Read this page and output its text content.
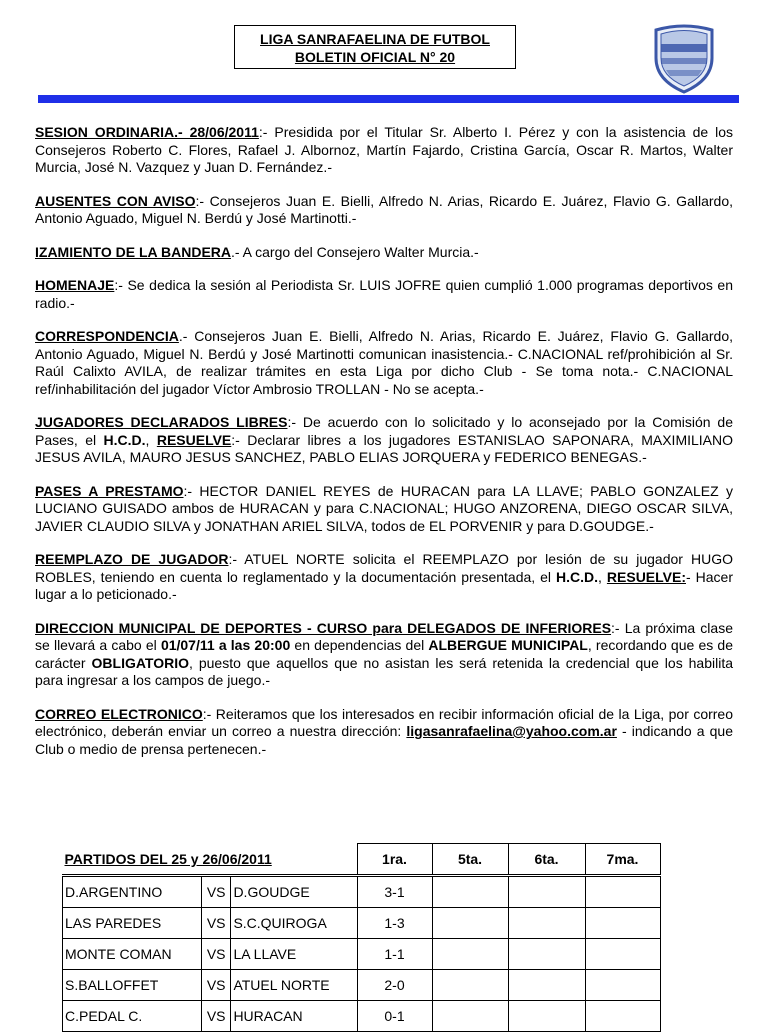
LIGA SANRAFAELINA DE FUTBOL
BOLETIN OFICIAL N° 20

SESION ORDINARIA.- 28/06/2011:- Presidida por el Titular Sr. Alberto I. Pérez y con la asistencia de los Consejeros Roberto C. Flores, Rafael J. Albornoz, Martín Fajardo, Cristina García, Oscar R. Martos, Walter Murcia, José N. Vazquez y Juan D. Fernández.-

AUSENTES CON AVISO:- Consejeros Juan E. Bielli, Alfredo N. Arias, Ricardo E. Juárez, Flavio G. Gallardo, Antonio Aguado, Miguel N. Berdú y José Martinotti.-

IZAMIENTO DE LA BANDERA.- A cargo del Consejero Walter Murcia.-

HOMENAJE:- Se dedica la sesión al Periodista Sr. LUIS JOFRE quien cumplió 1.000 programas deportivos en radio.-

CORRESPONDENCIA.- Consejeros Juan E. Bielli, Alfredo N. Arias, Ricardo E. Juárez, Flavio G. Gallardo, Antonio Aguado, Miguel N. Berdú y José Martinotti comunican inasistencia.- C.NACIONAL ref/prohibición al Sr. Raúl Calixto AVILA, de realizar trámites en esta Liga por dicho Club - Se toma nota.- C.NACIONAL ref/inhabilitación del jugador Víctor Ambrosio TROLLAN - No se acepta.-

JUGADORES DECLARADOS LIBRES:- De acuerdo con lo solicitado y lo aconsejado por la Comisión de Pases, el H.C.D., RESUELVE:- Declarar libres a los jugadores ESTANISLAO SAPONARA, MAXIMILIANO JESUS AVILA, MAURO JESUS SANCHEZ, PABLO ELIAS JORQUERA y FEDERICO BENEGAS.-

PASES A PRESTAMO:- HECTOR DANIEL REYES de HURACAN para LA LLAVE; PABLO GONZALEZ y LUCIANO GUISADO ambos de HURACAN y para C.NACIONAL; HUGO ANZORENA, DIEGO OSCAR SILVA, JAVIER CLAUDIO SILVA y JONATHAN ARIEL SILVA, todos de EL PORVENIR y para D.GOUDGE.-

REEMPLAZO DE JUGADOR:- ATUEL NORTE solicita el REEMPLAZO por lesión de su jugador HUGO ROBLES, teniendo en cuenta lo reglamentado y la documentación presentada, el H.C.D., RESUELVE:- Hacer lugar a lo peticionado.-

DIRECCION MUNICIPAL DE DEPORTES - CURSO para DELEGADOS DE INFERIORES:- La próxima clase se llevará a cabo el 01/07/11 a las 20:00 en dependencias del ALBERGUE MUNICIPAL, recordando que es de carácter OBLIGATORIO, puesto que aquellos que no asistan les será retenida la credencial que los habilita para ingresar a los campos de juego.-

CORREO ELECTRONICO:- Reiteramos que los interesados en recibir información oficial de la Liga, por correo electrónico, deberán enviar un correo a nuestra dirección: ligasanrafaelina@yahoo.com.ar - indicando a que Club o medio de prensa pertenecen.-

PARTIDOS DEL 25 y 26/06/2011			1ra.	5ta.	6ta.	7ma.
D.ARGENTINO	VS	D.GOUDGE	3-1			
LAS PAREDES	VS	S.C.QUIROGA	1-3			
MONTE COMAN	VS	LA LLAVE	1-1			
S.BALLOFFET	VS	ATUEL NORTE	2-0			
C.PEDAL C.	VS	HURACAN	0-1			
